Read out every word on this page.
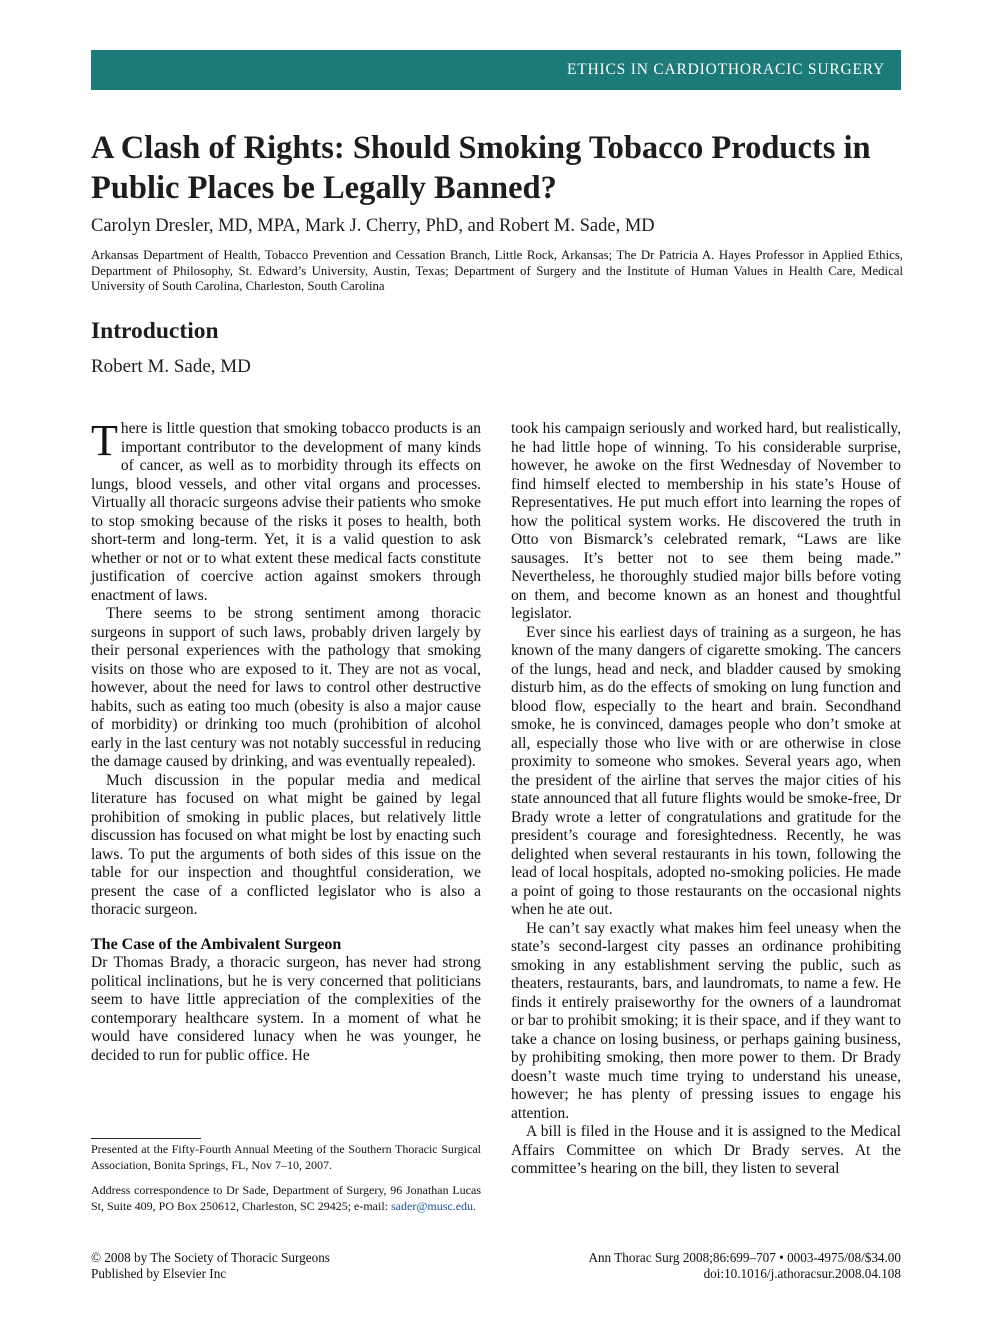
ETHICS IN CARDIOTHORACIC SURGERY
A Clash of Rights: Should Smoking Tobacco Products in Public Places be Legally Banned?
Carolyn Dresler, MD, MPA, Mark J. Cherry, PhD, and Robert M. Sade, MD
Arkansas Department of Health, Tobacco Prevention and Cessation Branch, Little Rock, Arkansas; The Dr Patricia A. Hayes Professor in Applied Ethics, Department of Philosophy, St. Edward’s University, Austin, Texas; Department of Surgery and the Institute of Human Values in Health Care, Medical University of South Carolina, Charleston, South Carolina
Introduction
Robert M. Sade, MD

There is little question that smoking tobacco products is an important contributor to the development of many kinds of cancer, as well as to morbidity through its effects on lungs, blood vessels, and other vital organs and processes. Virtually all thoracic surgeons advise their patients who smoke to stop smoking because of the risks it poses to health, both short-term and long-term. Yet, it is a valid question to ask whether or not or to what extent these medical facts constitute justification of coercive action against smokers through enactment of laws.

There seems to be strong sentiment among thoracic surgeons in support of such laws, probably driven largely by their personal experiences with the pathology that smoking visits on those who are exposed to it. They are not as vocal, however, about the need for laws to control other destructive habits, such as eating too much (obesity is also a major cause of morbidity) or drinking too much (prohibition of alcohol early in the last century was not notably successful in reducing the damage caused by drinking, and was eventually repealed).

Much discussion in the popular media and medical literature has focused on what might be gained by legal prohibition of smoking in public places, but relatively little discussion has focused on what might be lost by enacting such laws. To put the arguments of both sides of this issue on the table for our inspection and thoughtful consideration, we present the case of a conflicted legislator who is also a thoracic surgeon.

The Case of the Ambivalent Surgeon

Dr Thomas Brady, a thoracic surgeon, has never had strong political inclinations, but he is very concerned that politicians seem to have little appreciation of the complexities of the contemporary healthcare system. In a moment of what he would have considered lunacy when he was younger, he decided to run for public office. He

took his campaign seriously and worked hard, but realistically, he had little hope of winning. To his considerable surprise, however, he awoke on the first Wednesday of November to find himself elected to membership in his state’s House of Representatives. He put much effort into learning the ropes of how the political system works. He discovered the truth in Otto von Bismarck’s celebrated remark, “Laws are like sausages. It’s better not to see them being made.” Nevertheless, he thoroughly studied major bills before voting on them, and become known as an honest and thoughtful legislator.

Ever since his earliest days of training as a surgeon, he has known of the many dangers of cigarette smoking. The cancers of the lungs, head and neck, and bladder caused by smoking disturb him, as do the effects of smoking on lung function and blood flow, especially to the heart and brain. Secondhand smoke, he is convinced, damages people who don’t smoke at all, especially those who live with or are otherwise in close proximity to someone who smokes. Several years ago, when the president of the airline that serves the major cities of his state announced that all future flights would be smoke-free, Dr Brady wrote a letter of congratulations and gratitude for the president’s courage and foresightedness. Recently, he was delighted when several restaurants in his town, following the lead of local hospitals, adopted no-smoking policies. He made a point of going to those restaurants on the occasional nights when he ate out.

He can’t say exactly what makes him feel uneasy when the state’s second-largest city passes an ordinance prohibiting smoking in any establishment serving the public, such as theaters, restaurants, bars, and laundromats, to name a few. He finds it entirely praiseworthy for the owners of a laundromat or bar to prohibit smoking; it is their space, and if they want to take a chance on losing business, or perhaps gaining business, by prohibiting smoking, then more power to them. Dr Brady doesn’t waste much time trying to understand his unease, however; he has plenty of pressing issues to engage his attention.

A bill is filed in the House and it is assigned to the Medical Affairs Committee on which Dr Brady serves. At the committee’s hearing on the bill, they listen to several

Presented at the Fifty-Fourth Annual Meeting of the Southern Thoracic Surgical Association, Bonita Springs, FL, Nov 7–10, 2007.

Address correspondence to Dr Sade, Department of Surgery, 96 Jonathan Lucas St, Suite 409, PO Box 250612, Charleston, SC 29425; e-mail: sader@musc.edu.

© 2008 by The Society of Thoracic Surgeons
Published by Elsevier Inc
Ann Thorac Surg 2008;86:699–707 • 0003-4975/08/$34.00
doi:10.1016/j.athoracsur.2008.04.108
